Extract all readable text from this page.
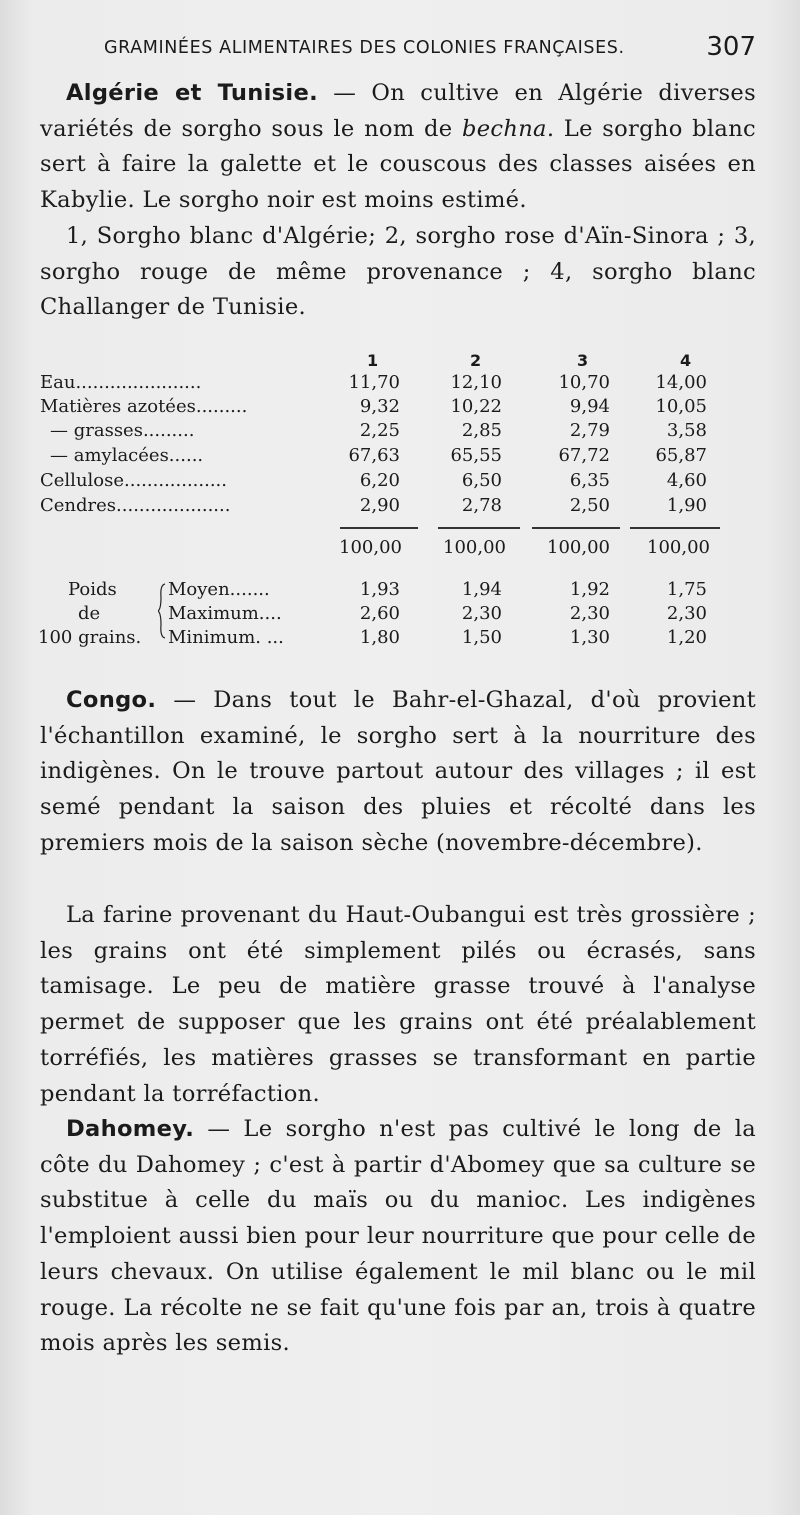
GRAMINÉES ALIMENTAIRES DES COLONIES FRANÇAISES.	307

Algérie et Tunisie. — On cultive en Algérie diverses variétés de sorgho sous le nom de bechna. Le sorgho blanc sert à faire la galette et le couscous des classes aisées en Kabylie. Le sorgho noir est moins estimé.

1, Sorgho blanc d'Algérie; 2, sorgho rose d'Aïn-Sinora ; 3, sorgho rouge de même provenance ; 4, sorgho blanc Challanger de Tunisie.

1	2	3	4
Eau......................	11,70	12,10	10,70	14,00
Matières azotées.........	9,32	10,22	9,94	10,05
— grasses.........	2,25	2,85	2,79	3,58
— amylacées......	67,63	65,55	67,72	65,87
Cellulose..................	6,20	6,50	6,35	4,60
Cendres....................	2,90	2,78	2,50	1,90
100,00	100,00	100,00	100,00
Poids
de
100 grains.
Moyen.......	1,93	1,94	1,92	1,75
Maximum....	2,60	2,30	2,30	2,30
Minimum. ...	1,80	1,50	1,30	1,20

Congo. — Dans tout le Bahr-el-Ghazal, d'où provient l'échantillon examiné, le sorgho sert à la nourriture des indigènes. On le trouve partout autour des villages ; il est semé pendant la saison des pluies et récolté dans les premiers mois de la saison sèche (novembre-décembre).

La farine provenant du Haut-Oubangui est très grossière ; les grains ont été simplement pilés ou écrasés, sans tamisage. Le peu de matière grasse trouvé à l'analyse permet de supposer que les grains ont été préalablement torréfiés, les matières grasses se transformant en partie pendant la torréfaction.

Dahomey. — Le sorgho n'est pas cultivé le long de la côte du Dahomey ; c'est à partir d'Abomey que sa culture se substitue à celle du maïs ou du manioc. Les indigènes l'emploient aussi bien pour leur nourriture que pour celle de leurs chevaux. On utilise également le mil blanc ou le mil rouge. La récolte ne se fait qu'une fois par an, trois à quatre mois après les semis.
